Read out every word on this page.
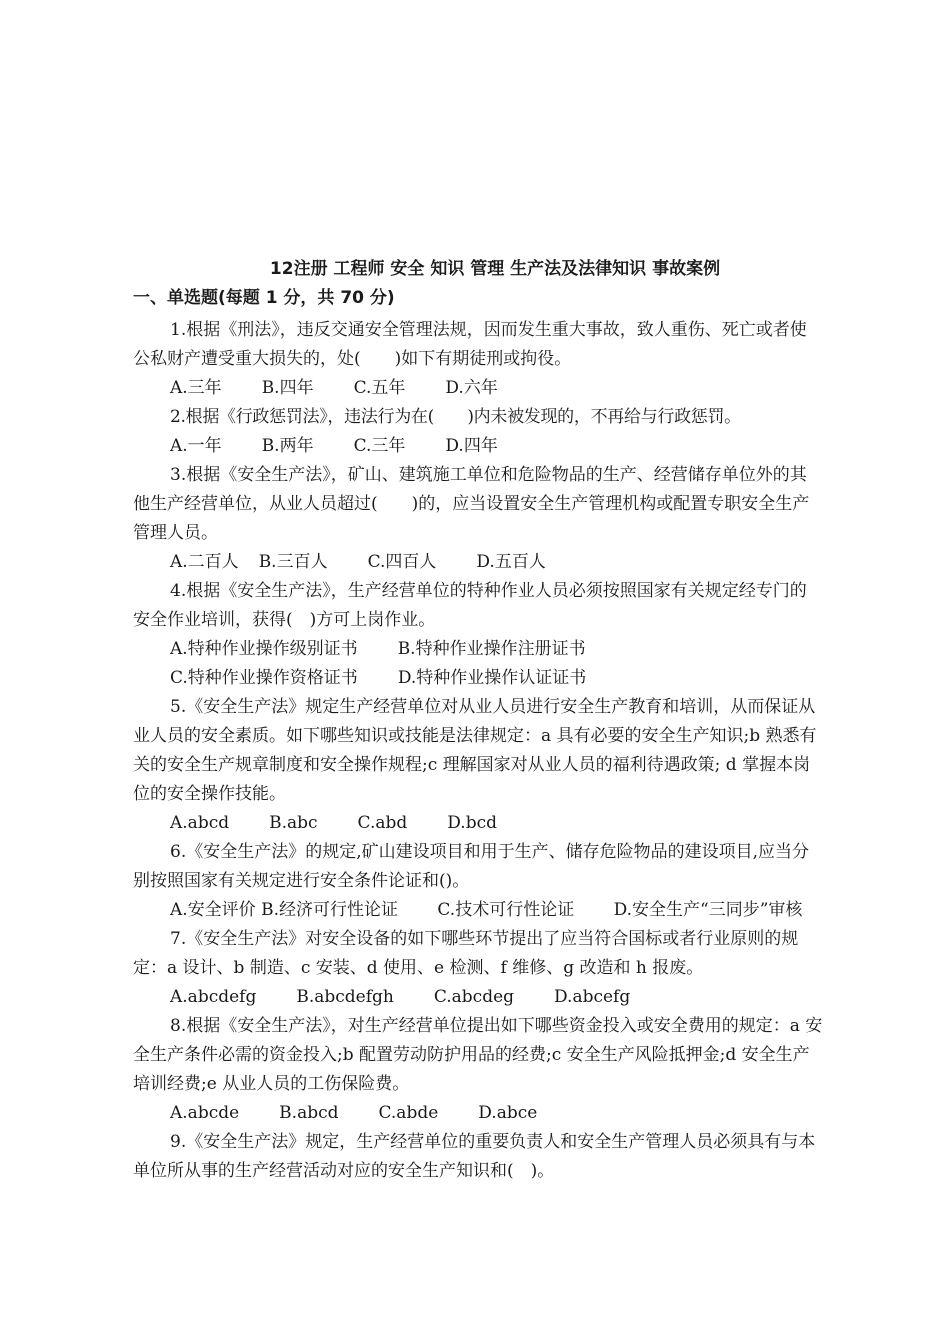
12注册 工程师 安全 知识 管理 生产法及法律知识 事故案例
一、单选题(每题 1 分，共 70 分)

1.根据《刑法》，违反交通安全管理法规，因而发生重大事故，致人重伤、死亡或者使公私财产遭受重大损失的，处(　　)如下有期徒刑或拘役。

A.三年 B.四年 C.五年 D.六年

2.根据《行政惩罚法》，违法行为在(　　)内未被发现的，不再给与行政惩罚。

A.一年 B.两年 C.三年 D.四年

3.根据《安全生产法》，矿山、建筑施工单位和危险物品的生产、经营储存单位外的其他生产经营单位，从业人员超过(　　)的，应当设置安全生产管理机构或配置专职安全生产管理人员。

A.二百人 B.三百人 C.四百人 D.五百人

4.根据《安全生产法》，生产经营单位的特种作业人员必须按照国家有关规定经专门的安全作业培训，获得(　)方可上岗作业。

A.特种作业操作级别证书 B.特种作业操作注册证书

C.特种作业操作资格证书 D.特种作业操作认证证书

5.《安全生产法》规定生产经营单位对从业人员进行安全生产教育和培训，从而保证从业人员的安全素质。如下哪些知识或技能是法律规定：a 具有必要的安全生产知识;b 熟悉有关的安全生产规章制度和安全操作规程;c 理解国家对从业人员的福利待遇政策; d 掌握本岗位的安全操作技能。

A.abcd B.abc C.abd D.bcd

6.《安全生产法》的规定,矿山建设项目和用于生产、储存危险物品的建设项目,应当分别按照国家有关规定进行安全条件论证和()。

A.安全评价 B.经济可行性论证　　 C.技术可行性论证　　 D.安全生产“三同步”审核

7.《安全生产法》对安全设备的如下哪些环节提出了应当符合国标或者行业原则的规定：a 设计、b 制造、c 安装、d 使用、e 检测、f 维修、g 改造和 h 报废。

A.abcdefg B.abcdefgh C.abcdeg D.abcefg

8.根据《安全生产法》，对生产经营单位提出如下哪些资金投入或安全费用的规定：a 安全生产条件必需的资金投入;b 配置劳动防护用品的经费;c 安全生产风险抵押金;d 安全生产培训经费;e 从业人员的工伤保险费。

A.abcde B.abcd C.abde D.abce

9.《安全生产法》规定，生产经营单位的重要负责人和安全生产管理人员必须具有与本单位所从事的生产经营活动对应的安全生产知识和(　)。
